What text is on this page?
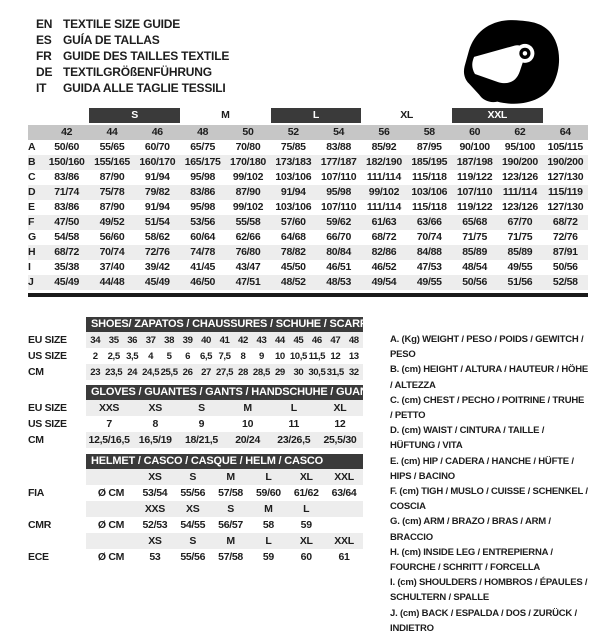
EN TEXTILE SIZE GUIDE
ES GUÍA DE TALLAS
FR GUIDE DES TAILLES TEXTILE
DE TEXTILGRÖßENFÜHRUNG
IT	GUIDA ALLE TAGLIE TESSILI
		S		M		L		XL		XXL		

	42	44	46	48	50	52	54	56	58	60	62	64
A	50/60	55/65	60/70	65/75	70/80	75/85	83/88	85/92	87/95	90/100	95/100	105/115
B	150/160	155/165	160/170	165/175	170/180	173/183	177/187	182/190	185/195	187/198	190/200	190/200
C	83/86	87/90	91/94	95/98	99/102	103/106	107/110	111/114	115/118	119/122	123/126	127/130
D	71/74	75/78	79/82	83/86	87/90	91/94	95/98	99/102	103/106	107/110	111/114	115/119
E	83/86	87/90	91/94	95/98	99/102	103/106	107/110	111/114	115/118	119/122	123/126	127/130
F	47/50	49/52	51/54	53/56	55/58	57/60	59/62	61/63	63/66	65/68	67/70	68/72
G	54/58	56/60	58/62	60/64	62/66	64/68	66/70	68/72	70/74	71/75	71/75	72/76
H	68/72	70/74	72/76	74/78	76/80	78/82	80/84	82/86	84/88	85/89	85/89	87/91
I	35/38	37/40	39/42	41/45	43/47	45/50	46/51	46/52	47/53	48/54	49/55	50/56
J	45/49	44/48	45/49	46/50	47/51	48/52	48/53	49/54	49/55	50/56	51/56	52/58
SHOES/ ZAPATOS / CHAUSSURES / SCHUHE / SCARPE
EU SIZE	34 35 36 37 38 39 40 41 42 43 44 45 46 47 48
US SIZE	2	2,5 3,5	4	5	6	6,5 7,5	8	9	10 10,5 11,5 12 13
CM	23 23,5 24 24,5 25,5 26 27 27,5 28 28,5 29 30 30,5 31,5 32
GLOVES / GUANTES / GANTS / HANDSCHUHE / GUANTI
EU SIZE	XXS	XS	S	M	L	XL
US SIZE	7	8	9	10	11	12
CM	12,5/16,5 16,5/19	18/21,5	20/24	23/26,5	25,5/30
HELMET / CASCO / CASQUE / HELM / CASCO
XS	S	M	L	XL	XXL
FIA	Ø CM	53/54	55/56	57/58	59/60	61/62	63/64
XXS	XS	S	M	L
CMR	Ø CM	52/53	54/55	56/57	58	59
XS	S	M	L	XL	XXL
ECE	Ø CM	53	55/56	57/58	59	60	61
A. (Kg) WEIGHT / PESO / POIDS / GEWITCH / PESO
B. (cm) HEIGHT / ALTURA / HAUTEUR / HÖHE / ALTEZZA
C. (cm) CHEST / PECHO / POITRINE / TRUHE / PETTO
D. (cm) WAIST / CINTURA / TAILLE / HÜFTUNG / VITA
E. (cm) HIP / CADERA / HANCHE / HÜFTE / HIPS / BACINO
F. (cm) TIGH / MUSLO / CUISSE / SCHENKEL / COSCIA
G. (cm) ARM / BRAZO / BRAS / ARM / BRACCIO
H. (cm) INSIDE LEG / ENTREPIERNA / FOURCHE / SCHRITT / FORCELLA
I. (cm) SHOULDERS / HOMBROS / ÉPAULES / SCHULTERN / SPALLE
J. (cm) BACK / ESPALDA / DOS / ZURÜCK / INDIETRO
